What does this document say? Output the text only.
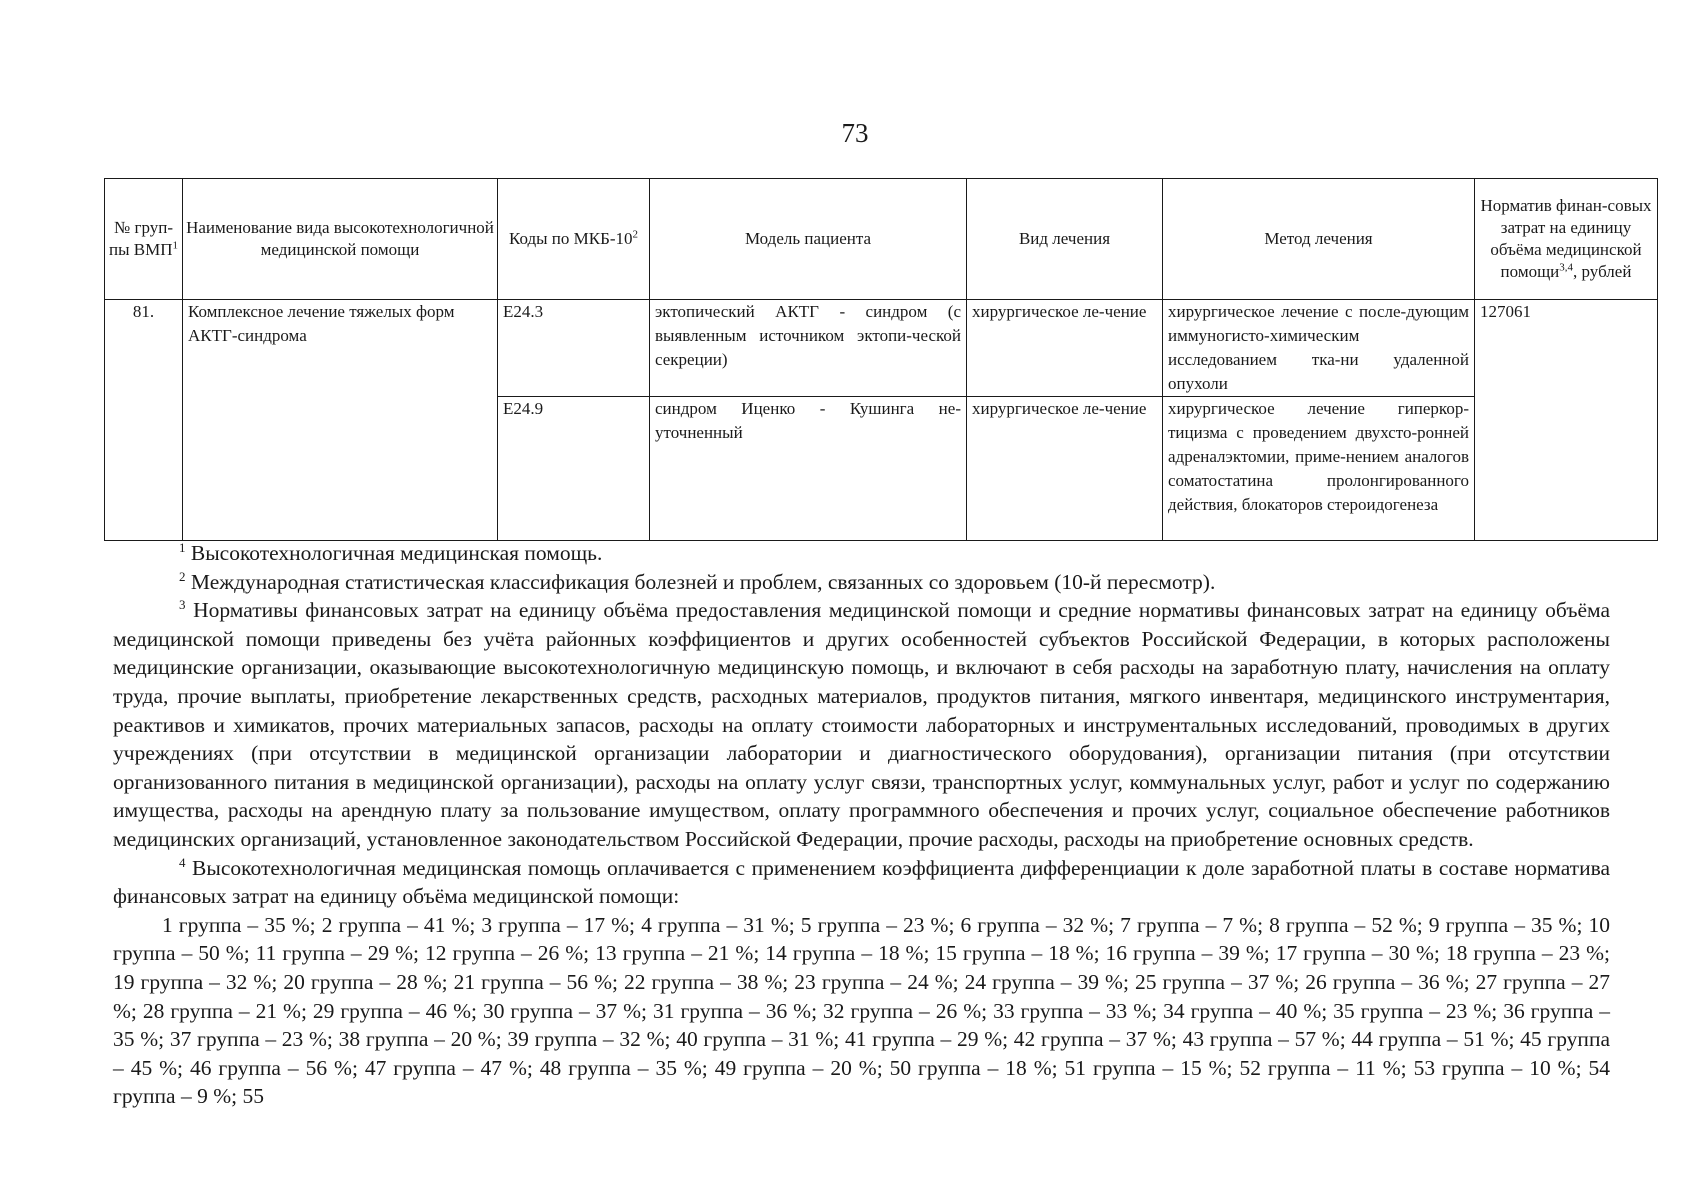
73
№ груп-пы ВМП$^1$	Наименование вида высокотехнологичной медицинской помощи	Коды по МКБ-$10^2$	Модель пациента	Вид лечения	Метод лечения	Норматив финан-совых затрат на единицу объёма медицинской помощи$^{3,4}$, рублей
81.	Комплексное лечение тяжелых форм АКТГ-синдрома	E24.3	эктопический АКТГ - синдром (с выявленным источником эктопи-ческой секреции)	хирургическое ле-чение	хирургическое лечение с после-дующим иммуногисто-химическим исследованием тка-ни удаленной опухоли	127061
		E24.9	синдром Иценко - Кушинга не-уточненный	хирургическое ле-чение	хирургическое лечение гиперкор-тицизма с проведением двухсто-ронней адреналэктомии, приме-нением аналогов соматостатина пролонгированного действия, блокаторов стероидогенеза	

$^1$ Высокотехнологичная медицинская помощь.

$^2$ Международная статистическая классификация болезней и проблем, связанных со здоровьем (10-й пересмотр).

$^3$ Нормативы финансовых затрат на единицу объёма предоставления медицинской помощи и средние нормативы финансовых затрат на единицу объёма медицинской помощи приведены без учёта районных коэффициентов и других особенностей субъектов Российской Федерации, в которых расположены медицинские организации, оказывающие высокотехнологичную медицинскую помощь, и включают в себя расходы на заработную плату, начисления на оплату труда, прочие выплаты, приобретение лекарственных средств, расходных материалов, продуктов питания, мягкого инвентаря, медицинского инструментария, реактивов и химикатов, прочих материальных запасов, расходы на оплату стоимости лабораторных и инструментальных исследований, проводимых в других учреждениях (при отсутствии в медицинской организации лаборатории и диагностического оборудования), организации питания (при отсутствии организованного питания в медицинской организации), расходы на оплату услуг связи, транспортных услуг, коммунальных услуг, работ и услуг по содержанию имущества, расходы на арендную плату за пользование имуществом, оплату программного обеспечения и прочих услуг, социальное обеспечение работников медицинских организаций, установленное законодательством Российской Федерации, прочие расходы, расходы на приобретение основных средств.

$^4$ Высокотехнологичная медицинская помощь оплачивается с применением коэффициента дифференциации к доле заработной платы в составе норматива финансовых затрат на единицу объёма медицинской помощи:

1 группа – 35 %; 2 группа – 41 %; 3 группа – 17 %; 4 группа – 31 %; 5 группа – 23 %; 6 группа – 32 %; 7 группа – 7 %; 8 группа – 52 %; 9 группа – 35 %; 10 группа – 50 %; 11 группа – 29 %; 12 группа – 26 %; 13 группа – 21 %; 14 группа – 18 %; 15 группа – 18 %; 16 группа – 39 %; 17 группа – 30 %; 18 группа – 23 %; 19 группа – 32 %; 20 группа – 28 %; 21 группа – 56 %; 22 группа – 38 %; 23 группа – 24 %; 24 группа – 39 %; 25 группа – 37 %; 26 группа – 36 %; 27 группа – 27 %; 28 группа – 21 %; 29 группа – 46 %; 30 группа – 37 %; 31 группа – 36 %; 32 группа – 26 %; 33 группа – 33 %; 34 группа – 40 %; 35 группа – 23 %; 36 группа – 35 %; 37 группа – 23 %; 38 группа – 20 %; 39 группа – 32 %; 40 группа – 31 %; 41 группа – 29 %; 42 группа – 37 %; 43 группа – 57 %; 44 группа – 51 %; 45 группа – 45 %; 46 группа – 56 %; 47 группа – 47 %; 48 группа – 35 %; 49 группа – 20 %; 50 группа – 18 %; 51 группа – 15 %; 52 группа – 11 %; 53 группа – 10 %; 54 группа – 9 %; 55
